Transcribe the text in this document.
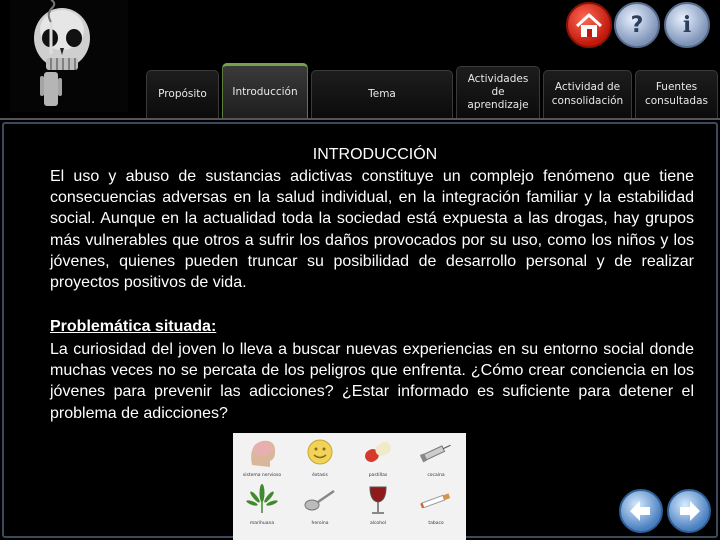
?	i
Propósito Introducción	Tema
Actividades de aprendizaje
Actividad de consolidación
Fuentes consultadas
INTRODUCCIÓN
El uso y abuso de sustancias adictivas constituye un complejo fenómeno que tiene consecuencias adversas en la salud individual, en la integración familiar y la estabilidad social. Aunque en la actualidad toda la sociedad está expuesta a las drogas, hay grupos más vulnerables que otros a sufrir los daños provocados por su uso, como los niños y los jóvenes, quienes pueden truncar su posibilidad de desarrollo personal y de realizar proyectos positivos de vida.
Problemática situada:
La curiosidad del joven lo lleva a buscar nuevas experiencias en su entorno social donde muchas veces no se percata de los peligros que enfrenta. ¿Cómo crear conciencia en los jóvenes para prevenir las adicciones? ¿Estar informado es suficiente para detener el problema de adicciones?
sistema nervioso	éxtasis	pastillas	cocaína
marihuana	heroína	alcohol	tabaco
